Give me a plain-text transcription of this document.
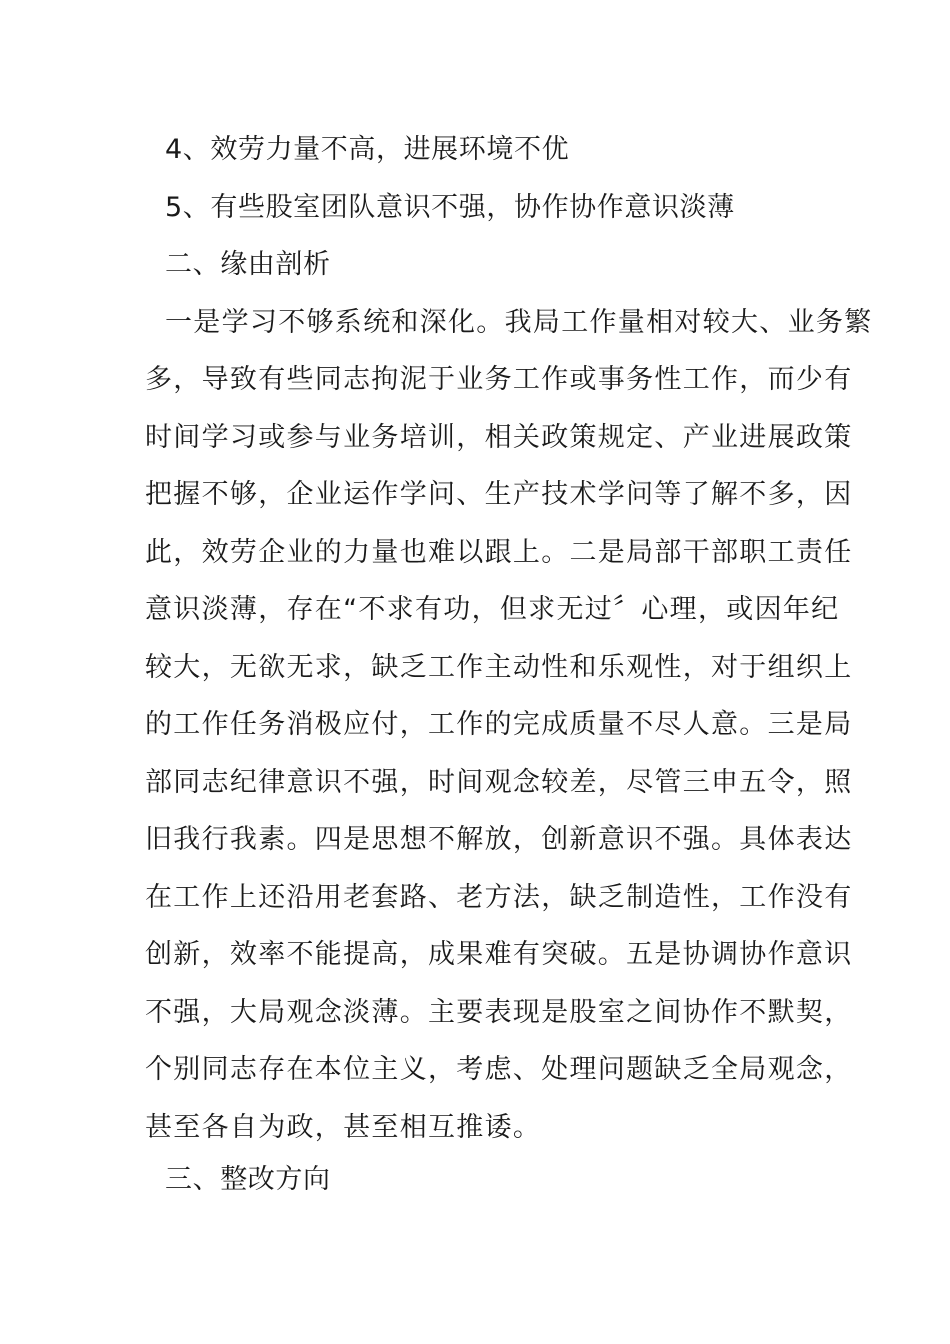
4、效劳力量不高，进展环境不优
5、有些股室团队意识不强，协作协作意识淡薄
二、缘由剖析
一是学习不够系统和深化。我局工作量相对较大、业务繁
多，导致有些同志拘泥于业务工作或事务性工作，而少有
时间学习或参与业务培训，相关政策规定、产业进展政策
把握不够，企业运作学问、生产技术学问等了解不多，因
此，效劳企业的力量也难以跟上。二是局部干部职工责任
意识淡薄，存在“不求有功，但求无过〞心理，或因年纪
较大，无欲无求，缺乏工作主动性和乐观性，对于组织上
的工作任务消极应付，工作的完成质量不尽人意。三是局
部同志纪律意识不强，时间观念较差，尽管三申五令，照
旧我行我素。四是思想不解放，创新意识不强。具体表达
在工作上还沿用老套路、老方法，缺乏制造性，工作没有
创新，效率不能提高，成果难有突破。五是协调协作意识
不强，大局观念淡薄。主要表现是股室之间协作不默契，
个别同志存在本位主义，考虑、处理问题缺乏全局观念，
甚至各自为政，甚至相互推诿。
三、整改方向
